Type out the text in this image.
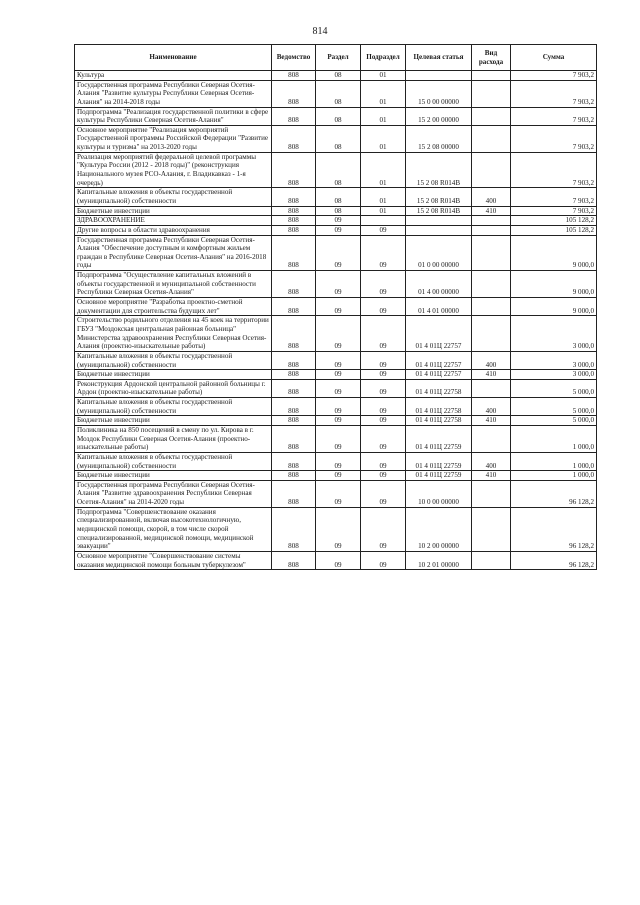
814
Наименование	Ведомство	Раздел	Подраздел	Целевая статья	Вид расхода	Сумма
Культура	808	08	01			7 903,2
Государственная программа Республики Северная Осетия-Алания "Развитие культуры Республики Северная Осетия-Алания" на 2014-2018 годы	808	08	01	15 0 00 00000		7 903,2
Подпрограмма "Реализация государственной политики в сфере культуры Республики Северная Осетия-Алания"	808	08	01	15 2 00 00000		7 903,2
Основное мероприятие "Реализация мероприятий Государственной программы Российской Федерации "Развитие культуры и туризма" на 2013-2020 годы	808	08	01	15 2 08 00000		7 903,2
Реализация мероприятий федеральной целевой программы "Культура России (2012 - 2018 годы)" (реконструкция Национального музея РСО-Алания, г. Владикавказ - 1-я очередь)	808	08	01	15 2 08 R014В		7 903,2
Капитальные вложения в объекты государственной (муниципальной) собственности	808	08	01	15 2 08 R014В	400	7 903,2
Бюджетные инвестиции	808	08	01	15 2 08 R014В	410	7 903,2
ЗДРАВООХРАНЕНИЕ	808	09				105 128,2
Другие вопросы в области здравоохранения	808	09	09			105 128,2
Государственная программа Республики Северная Осетия-Алания "Обеспечение доступным и комфортным жильем граждан в Республике Северная Осетия-Алания" на 2016-2018 годы	808	09	09	01 0 00 00000		9 000,0
Подпрограмма "Осуществление капитальных вложений в объекты государственной и муниципальной собственности Республики Северная Осетия-Алания"	808	09	09	01 4 00 00000		9 000,0
Основное мероприятие "Разработка проектно-сметной документации для строительства будущих лет"	808	09	09	01 4 01 00000		9 000,0
Строительство родильного отделения на 45 коек на территории ГБУЗ "Моздокская центральная районная больница" Министерства здравоохранения Республики Северная Осетия-Алания (проектно-изыскательные работы)	808	09	09	01 4 01Ц 22757		3 000,0
Капитальные вложения в объекты государственной (муниципальной) собственности	808	09	09	01 4 01Ц 22757	400	3 000,0
Бюджетные инвестиции	808	09	09	01 4 01Ц 22757	410	3 000,0
Реконструкция Ардонской центральной районной больницы г. Ардон (проектно-изыскательные работы)	808	09	09	01 4 01Ц 22758		5 000,0
Капитальные вложения в объекты государственной (муниципальной) собственности	808	09	09	01 4 01Ц 22758	400	5 000,0
Бюджетные инвестиции	808	09	09	01 4 01Ц 22758	410	5 000,0
Поликлиника на 850 посещений в смену по ул. Кирова в г. Моздок Республики Северная Осетия-Алания (проектно-изыскательные работы)	808	09	09	01 4 01Ц 22759		1 000,0
Капитальные вложения в объекты государственной (муниципальной) собственности	808	09	09	01 4 01Ц 22759	400	1 000,0
Бюджетные инвестиции	808	09	09	01 4 01Ц 22759	410	1 000,0
Государственная программа Республики Северная Осетия-Алания "Развитие здравоохранения Республики Северная Осетия-Алания" на 2014-2020 годы	808	09	09	10 0 00 00000		96 128,2
Подпрограмма "Совершенствование оказания специализированной, включая высокотехнологичную, медицинской помощи, скорой, в том числе скорой специализированной, медицинской помощи, медицинской эвакуации"	808	09	09	10 2 00 00000		96 128,2
Основное мероприятие "Совершенствование системы оказания медицинской помощи больным туберкулезом"	808	09	09	10 2 01 00000		96 128,2
